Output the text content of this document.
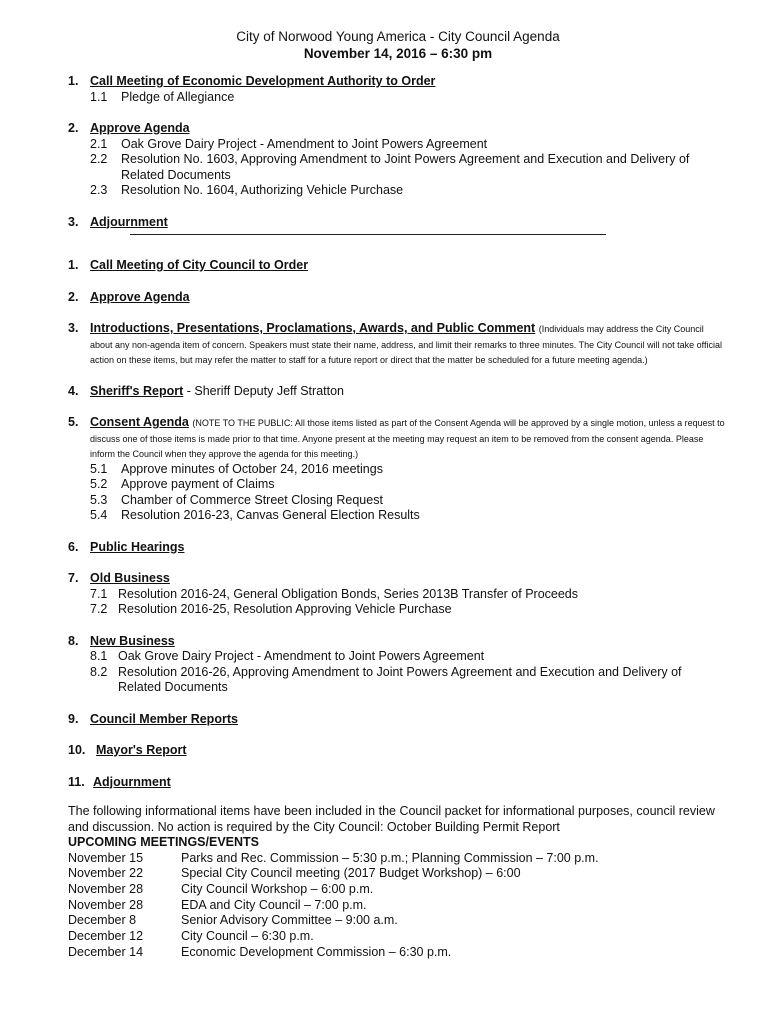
City of Norwood Young America - City Council Agenda
November 14, 2016 – 6:30 pm
1. Call Meeting of Economic Development Authority to Order
1.1 Pledge of Allegiance
2. Approve Agenda
2.1 Oak Grove Dairy Project - Amendment to Joint Powers Agreement
2.2 Resolution No. 1603, Approving Amendment to Joint Powers Agreement and Execution and Delivery of Related Documents
2.3 Resolution No. 1604, Authorizing Vehicle Purchase
3. Adjournment
1. Call Meeting of City Council to Order
2. Approve Agenda
3. Introductions, Presentations, Proclamations, Awards, and Public Comment (Individuals may address the City Council about any non-agenda item of concern. Speakers must state their name, address, and limit their remarks to three minutes. The City Council will not take official action on these items, but may refer the matter to staff for a future report or direct that the matter be scheduled for a future meeting agenda.)
4. Sheriff's Report - Sheriff Deputy Jeff Stratton
5. Consent Agenda (NOTE TO THE PUBLIC: All those items listed as part of the Consent Agenda will be approved by a single motion, unless a request to discuss one of those items is made prior to that time. Anyone present at the meeting may request an item to be removed from the consent agenda. Please inform the Council when they approve the agenda for this meeting.)
5.1 Approve minutes of October 24, 2016 meetings
5.2 Approve payment of Claims
5.3 Chamber of Commerce Street Closing Request
5.4 Resolution 2016-23, Canvas General Election Results
6. Public Hearings
7. Old Business
7.1 Resolution 2016-24, General Obligation Bonds, Series 2013B Transfer of Proceeds
7.2 Resolution 2016-25, Resolution Approving Vehicle Purchase
8. New Business
8.1 Oak Grove Dairy Project - Amendment to Joint Powers Agreement
8.2 Resolution 2016-26, Approving Amendment to Joint Powers Agreement and Execution and Delivery of Related Documents
9. Council Member Reports
10. Mayor's Report
11. Adjournment
The following informational items have been included in the Council packet for informational purposes, council review and discussion. No action is required by the City Council: October Building Permit Report
UPCOMING MEETINGS/EVENTS
November 15	Parks and Rec. Commission – 5:30 p.m.; Planning Commission – 7:00 p.m.
November 22	Special City Council meeting (2017 Budget Workshop) – 6:00
November 28	City Council Workshop – 6:00 p.m.
November 28	EDA and City Council – 7:00 p.m.
December 8	Senior Advisory Committee – 9:00 a.m.
December 12	City Council – 6:30 p.m.
December 14	Economic Development Commission – 6:30 p.m.
